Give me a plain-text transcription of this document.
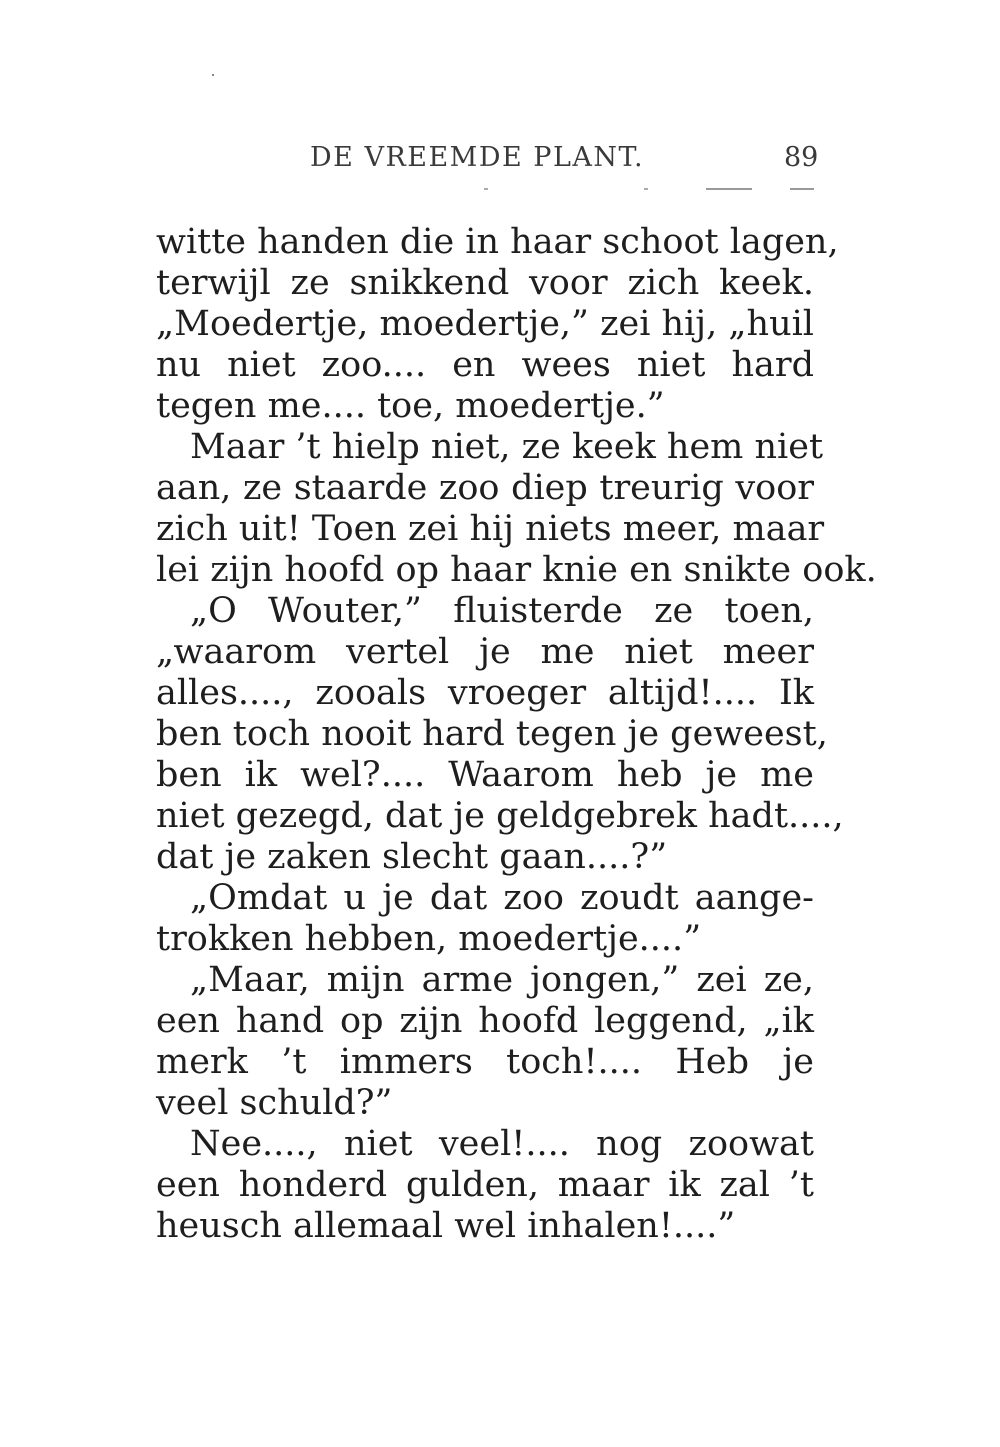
DE VREEMDE PLANT.	89
witte handen die in haar schoot lagen,
terwijl ze snikkend voor zich keek.
„Moedertje, moedertje,” zei hij, „huil
nu niet zoo.... en wees niet hard
tegen me.... toe, moedertje.”
Maar ’t hielp niet, ze keek hem niet
aan, ze staarde zoo diep treurig voor
zich uit! Toen zei hij niets meer, maar
lei zijn hoofd op haar knie en snikte ook.
„O Wouter,” fluisterde ze toen,
„waarom vertel je me niet meer
alles...., zooals vroeger altijd!.... Ik
ben toch nooit hard tegen je geweest,
ben ik wel?.... Waarom heb je me
niet gezegd, dat je geldgebrek hadt....,
dat je zaken slecht gaan....?”
„Omdat u je dat zoo zoudt aange-
trokken hebben, moedertje....”
„Maar, mijn arme jongen,” zei ze,
een hand op zijn hoofd leggend, „ik
merk ’t immers toch!.... Heb je
veel schuld?”
Nee...., niet veel!.... nog zoowat
een honderd gulden, maar ik zal ’t
heusch allemaal wel inhalen!....”
